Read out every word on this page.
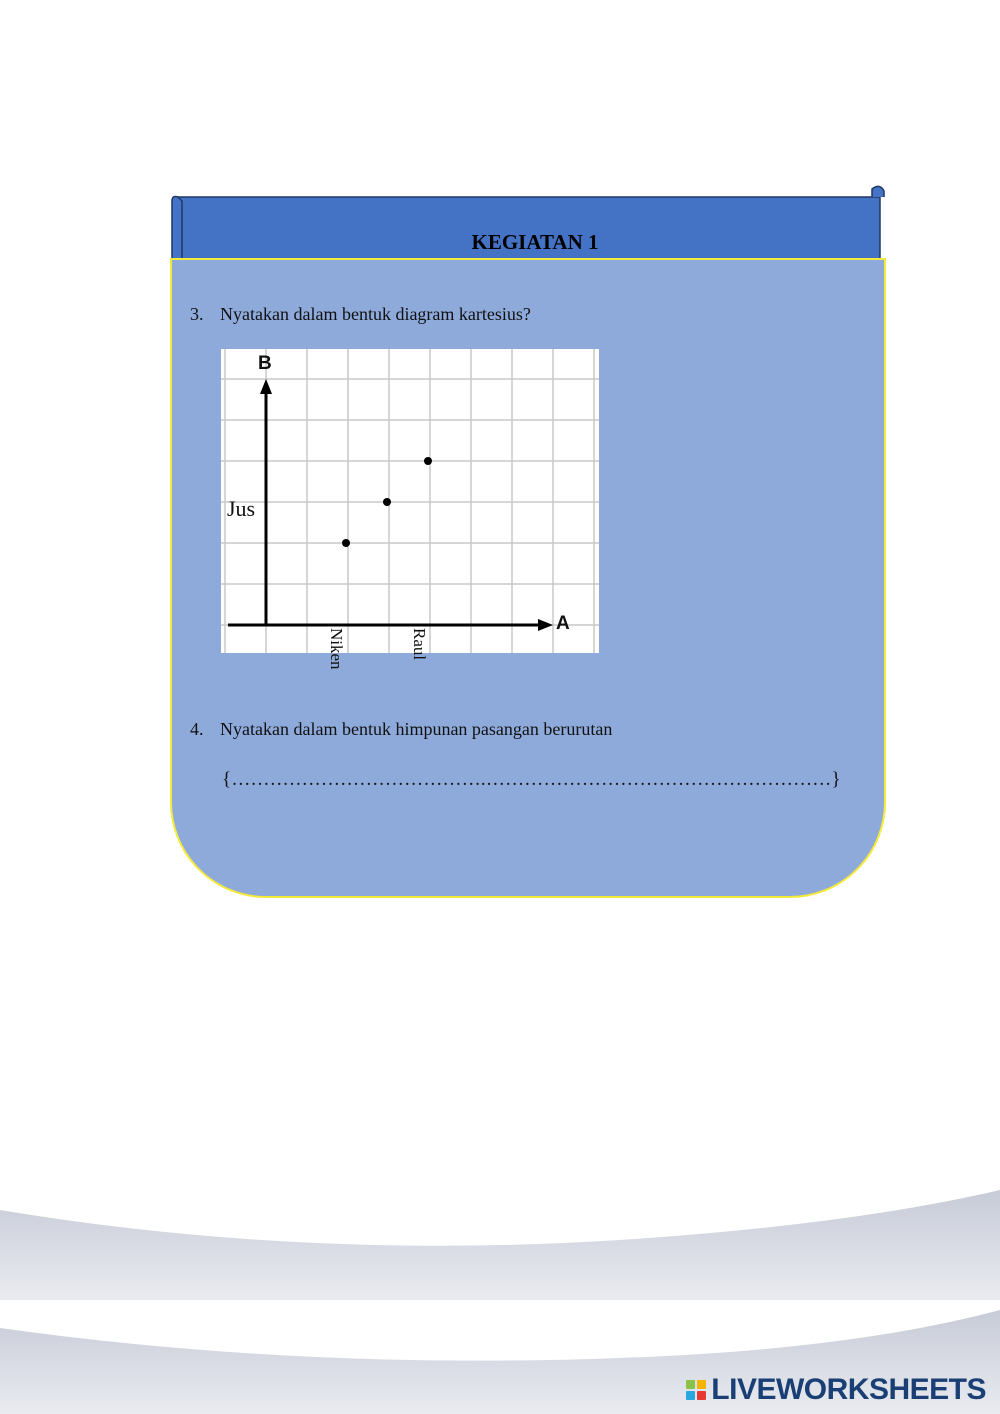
KEGIATAN 1
3. Nyatakan dalam bentuk diagram kartesius?
B
A
Jus
Niken	Raul
4. Nyatakan dalam bentuk himpunan pasangan berurutan
{………………………………….………………………………………………}
LIVEWORKSHEETS
